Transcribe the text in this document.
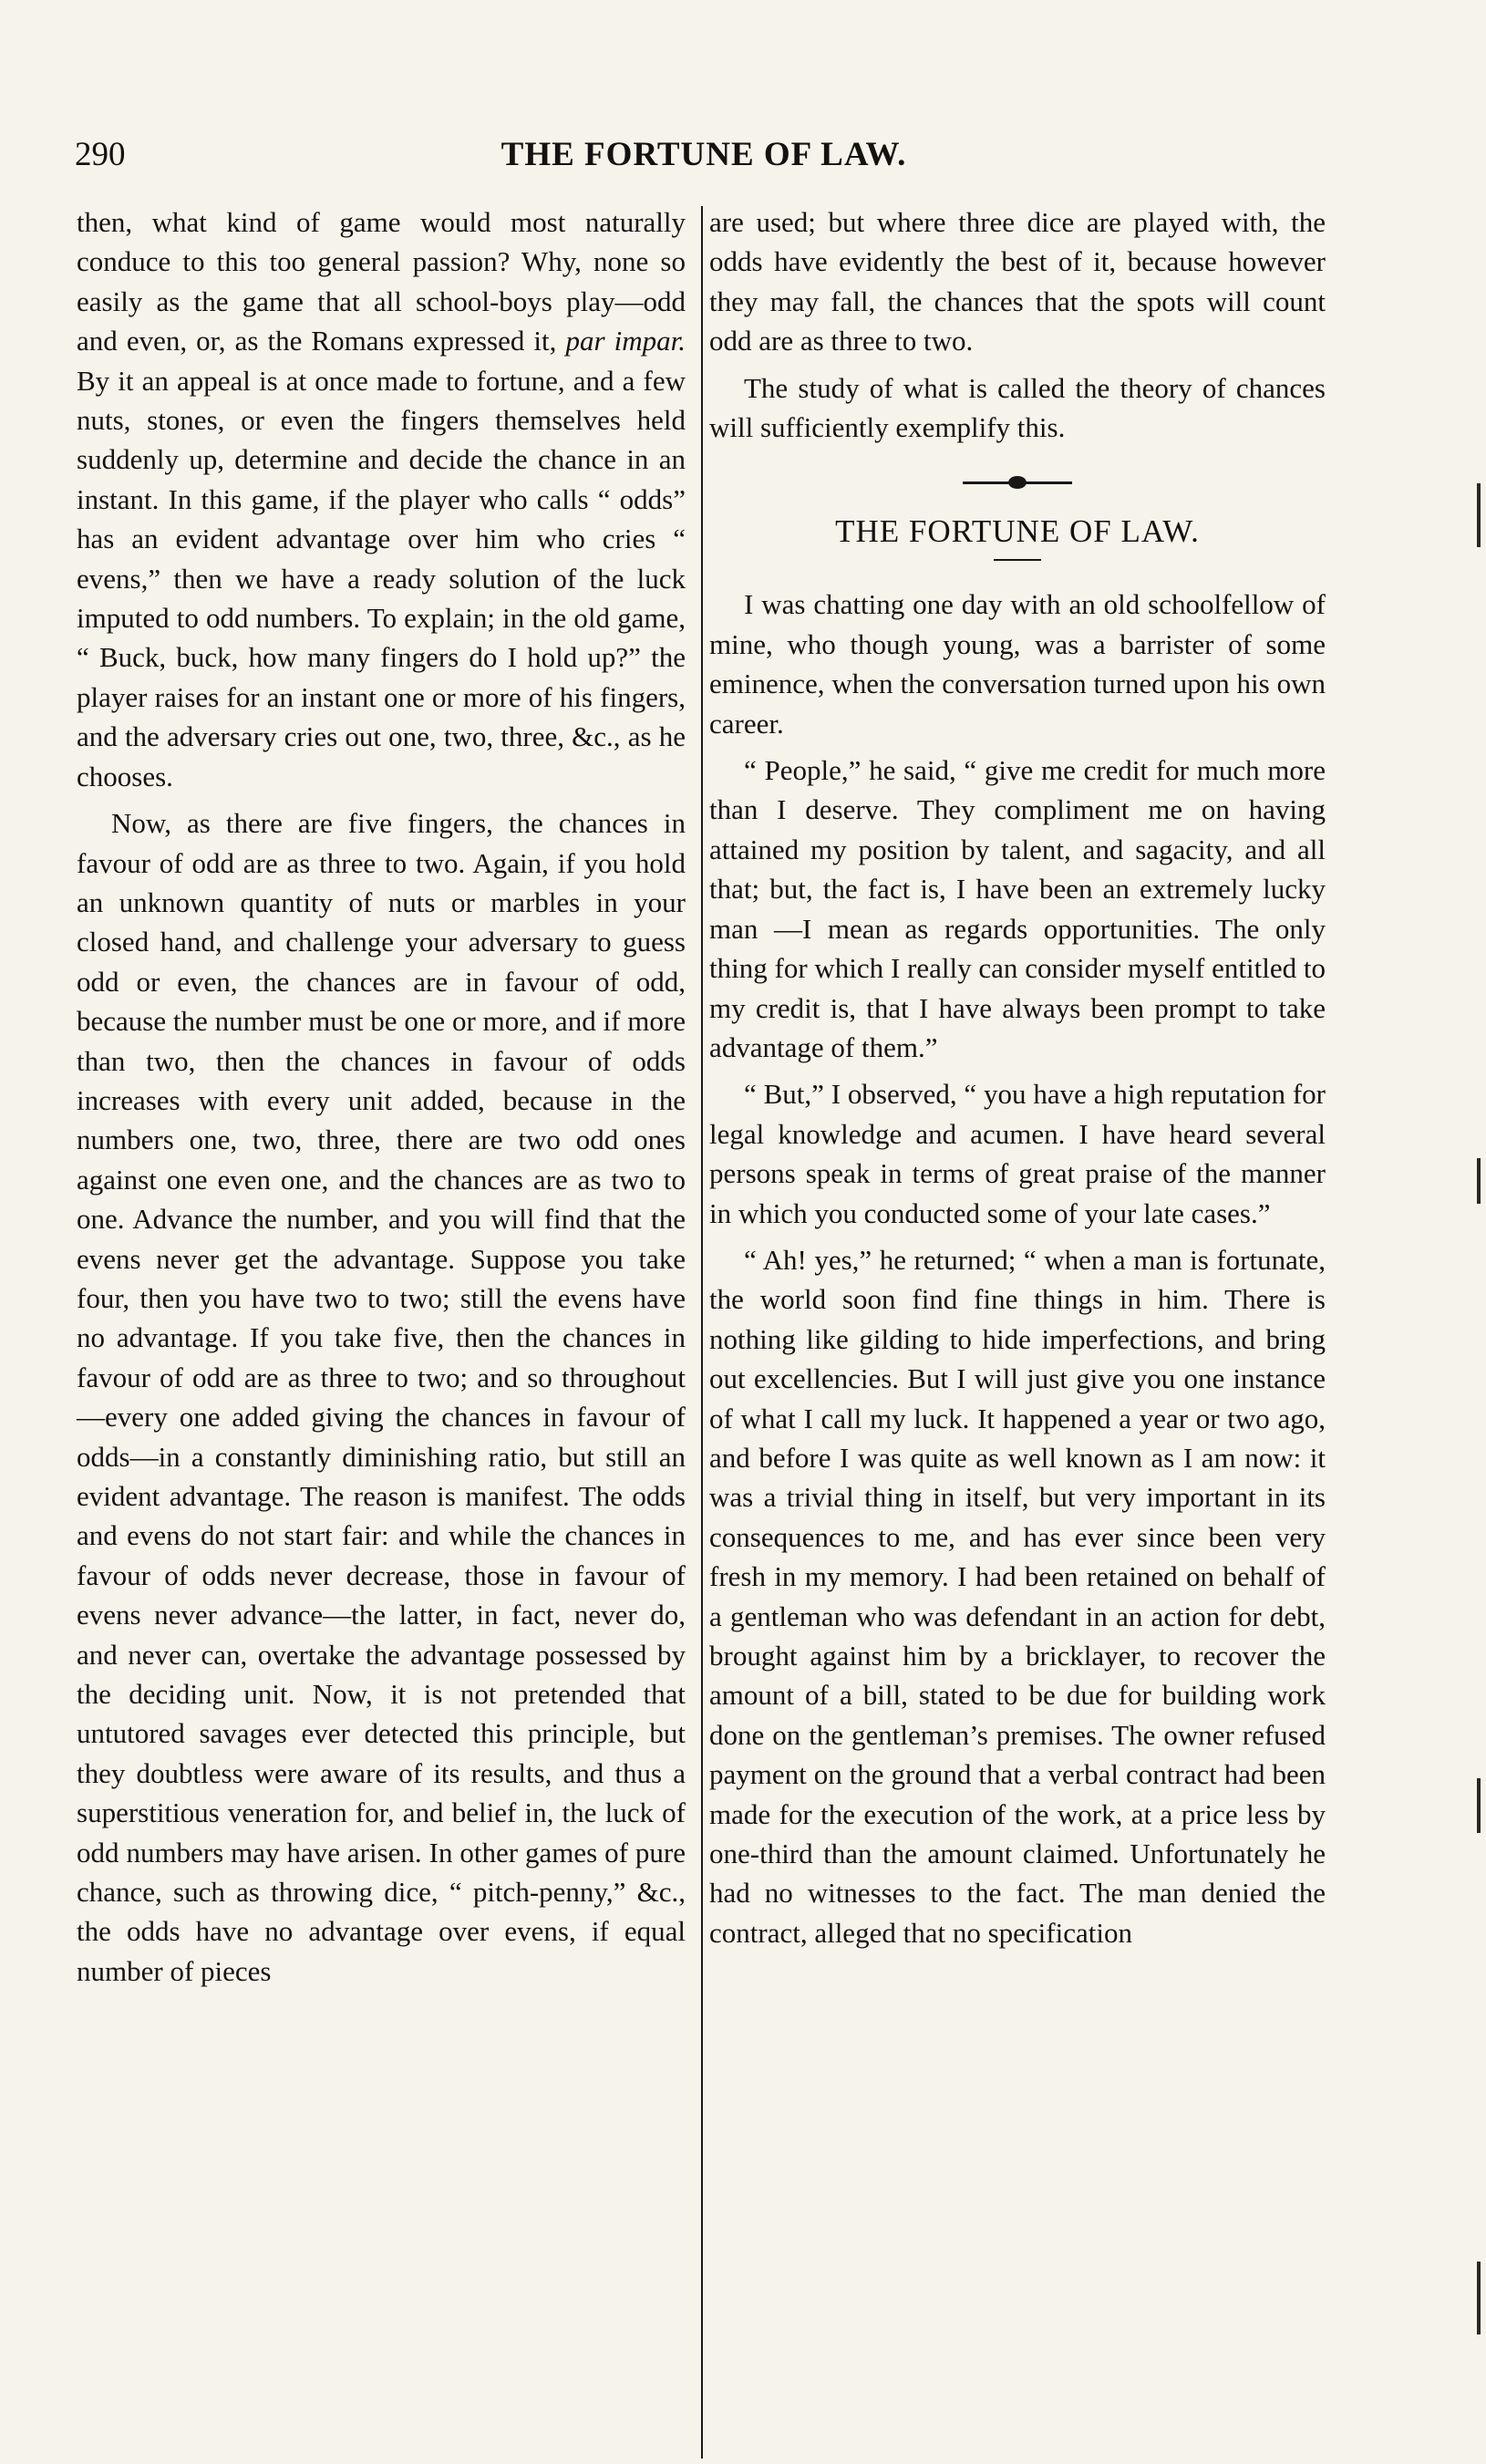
290	THE FORTUNE OF LAW.

then, what kind of game would most naturally conduce to this too general passion? Why, none so easily as the game that all school-boys play—odd and even, or, as the Romans expressed it, par impar. By it an appeal is at once made to fortune, and a few nuts, stones, or even the fingers themselves held suddenly up, determine and decide the chance in an instant. In this game, if the player who calls “ odds” has an evident advantage over him who cries “ evens,” then we have a ready solution of the luck imputed to odd numbers. To explain; in the old game, “ Buck, buck, how many fingers do I hold up?” the player raises for an instant one or more of his fingers, and the adversary cries out one, two, three, &c., as he chooses.

Now, as there are five fingers, the chances in favour of odd are as three to two. Again, if you hold an unknown quantity of nuts or marbles in your closed hand, and challenge your adversary to guess odd or even, the chances are in favour of odd, because the number must be one or more, and if more than two, then the chances in favour of odds increases with every unit added, because in the numbers one, two, three, there are two odd ones against one even one, and the chances are as two to one. Advance the number, and you will find that the evens never get the advantage. Suppose you take four, then you have two to two; still the evens have no advantage. If you take five, then the chances in favour of odd are as three to two; and so throughout—every one added giving the chances in favour of odds—in a constantly diminishing ratio, but still an evident advantage. The reason is manifest. The odds and evens do not start fair: and while the chances in favour of odds never decrease, those in favour of evens never advance—the latter, in fact, never do, and never can, overtake the advantage possessed by the deciding unit. Now, it is not pretended that untutored savages ever detected this principle, but they doubtless were aware of its results, and thus a superstitious veneration for, and belief in, the luck of odd numbers may have arisen. In other games of pure chance, such as throwing dice, “ pitch-penny,” &c., the odds have no advantage over evens, if equal number of pieces

are used; but where three dice are played with, the odds have evidently the best of it, because however they may fall, the chances that the spots will count odd are as three to two.

The study of what is called the theory of chances will sufficiently exemplify this.

THE FORTUNE OF LAW.

I was chatting one day with an old schoolfellow of mine, who though young, was a barrister of some eminence, when the conversation turned upon his own career.

“ People,” he said, “ give me credit for much more than I deserve. They compliment me on having attained my position by talent, and sagacity, and all that; but, the fact is, I have been an extremely lucky man —I mean as regards opportunities. The only thing for which I really can consider myself entitled to my credit is, that I have always been prompt to take advantage of them.”

“ But,” I observed, “ you have a high reputation for legal knowledge and acumen. I have heard several persons speak in terms of great praise of the manner in which you conducted some of your late cases.”

“ Ah! yes,” he returned; “ when a man is fortunate, the world soon find fine things in him. There is nothing like gilding to hide imperfections, and bring out excellencies. But I will just give you one instance of what I call my luck. It happened a year or two ago, and before I was quite as well known as I am now: it was a trivial thing in itself, but very important in its consequences to me, and has ever since been very fresh in my memory. I had been retained on behalf of a gentleman who was defendant in an action for debt, brought against him by a bricklayer, to recover the amount of a bill, stated to be due for building work done on the gentleman’s premises. The owner refused payment on the ground that a verbal contract had been made for the execution of the work, at a price less by one-third than the amount claimed. Unfortunately he had no witnesses to the fact. The man denied the contract, alleged that no specification
